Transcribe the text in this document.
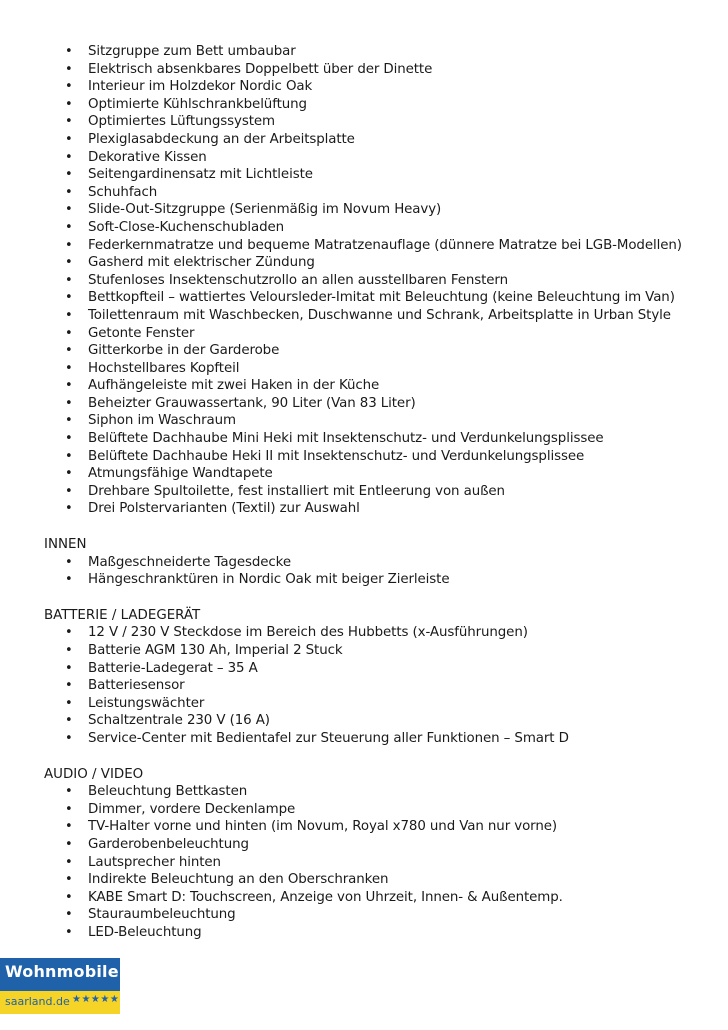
• Sitzgruppe zum Bett umbaubar
• Elektrisch absenkbares Doppelbett über der Dinette
• Interieur im Holzdekor Nordic Oak
• Optimierte Kühlschrankbelüftung
• Optimiertes Lüftungssystem
• Plexiglasabdeckung an der Arbeitsplatte
• Dekorative Kissen
• Seitengardinensatz mit Lichtleiste
• Schuhfach
• Slide-Out-Sitzgruppe (Serienmäßig im Novum Heavy)
• Soft-Close-Kuchenschubladen
• Federkernmatratze und bequeme Matratzenauflage (dünnere Matratze bei LGB-Modellen)
• Gasherd mit elektrischer Zündung
• Stufenloses Insektenschutzrollo an allen ausstellbaren Fenstern
• Bettkopfteil – wattiertes Veloursleder-Imitat mit Beleuchtung (keine Beleuchtung im Van)
• Toilettenraum mit Waschbecken, Duschwanne und Schrank, Arbeitsplatte in Urban Style
• Getonte Fenster
• Gitterkorbe in der Garderobe
• Hochstellbares Kopfteil
• Aufhängeleiste mit zwei Haken in der Küche
• Beheizter Grauwassertank, 90 Liter (Van 83 Liter)
• Siphon im Waschraum
• Belüftete Dachhaube Mini Heki mit Insektenschutz- und Verdunkelungsplissee
• Belüftete Dachhaube Heki II mit Insektenschutz- und Verdunkelungsplissee
• Atmungsfähige Wandtapete
• Drehbare Spultoilette, fest installiert mit Entleerung von außen
• Drei Polstervarianten (Textil) zur Auswahl
INNEN
• Maßgeschneiderte Tagesdecke
• Hängeschranktüren in Nordic Oak mit beiger Zierleiste
BATTERIE / LADEGERÄT
• 12 V / 230 V Steckdose im Bereich des Hubbetts (x-Ausführungen)
• Batterie AGM 130 Ah, Imperial 2 Stuck
• Batterie-Ladegerat – 35 A
• Batteriesensor
• Leistungswächter
• Schaltzentrale 230 V (16 A)
• Service-Center mit Bedientafel zur Steuerung aller Funktionen – Smart D
AUDIO / VIDEO
• Beleuchtung Bettkasten
• Dimmer, vordere Deckenlampe
• TV-Halter vorne und hinten (im Novum, Royal x780 und Van nur vorne)
• Garderobenbeleuchtung
• Lautsprecher hinten
• Indirekte Beleuchtung an den Oberschranken
• KABE Smart D: Touchscreen, Anzeige von Uhrzeit, Innen- & Außentemp.
• Stauraumbeleuchtung
• LED-Beleuchtung
Wohnmobile
saarland.de ★★★★★
